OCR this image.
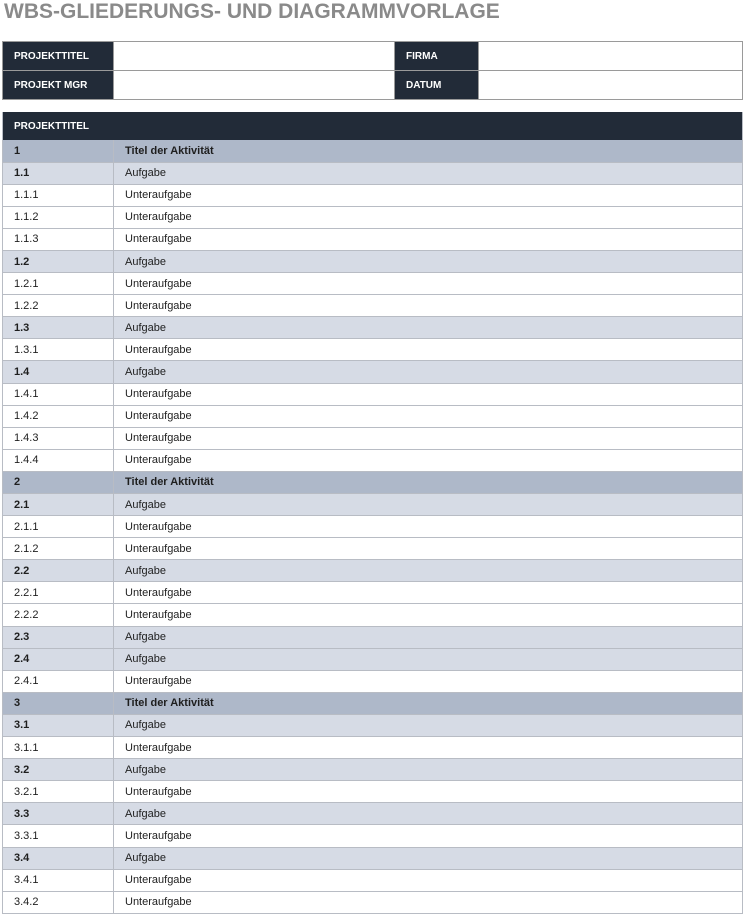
WBS-GLIEDERUNGS- UND DIAGRAMMVORLAGE
PROJEKTTITEL		FIRMA	
PROJEKT MGR		DATUM	
PROJEKTTITEL	
1	Titel der Aktivität
1.1	Aufgabe
1.1.1	Unteraufgabe
1.1.2	Unteraufgabe
1.1.3	Unteraufgabe
1.2	Aufgabe
1.2.1	Unteraufgabe
1.2.2	Unteraufgabe
1.3	Aufgabe
1.3.1	Unteraufgabe
1.4	Aufgabe
1.4.1	Unteraufgabe
1.4.2	Unteraufgabe
1.4.3	Unteraufgabe
1.4.4	Unteraufgabe
2	Titel der Aktivität
2.1	Aufgabe
2.1.1	Unteraufgabe
2.1.2	Unteraufgabe
2.2	Aufgabe
2.2.1	Unteraufgabe
2.2.2	Unteraufgabe
2.3	Aufgabe
2.4	Aufgabe
2.4.1	Unteraufgabe
3	Titel der Aktivität
3.1	Aufgabe
3.1.1	Unteraufgabe
3.2	Aufgabe
3.2.1	Unteraufgabe
3.3	Aufgabe
3.3.1	Unteraufgabe
3.4	Aufgabe
3.4.1	Unteraufgabe
3.4.2	Unteraufgabe
